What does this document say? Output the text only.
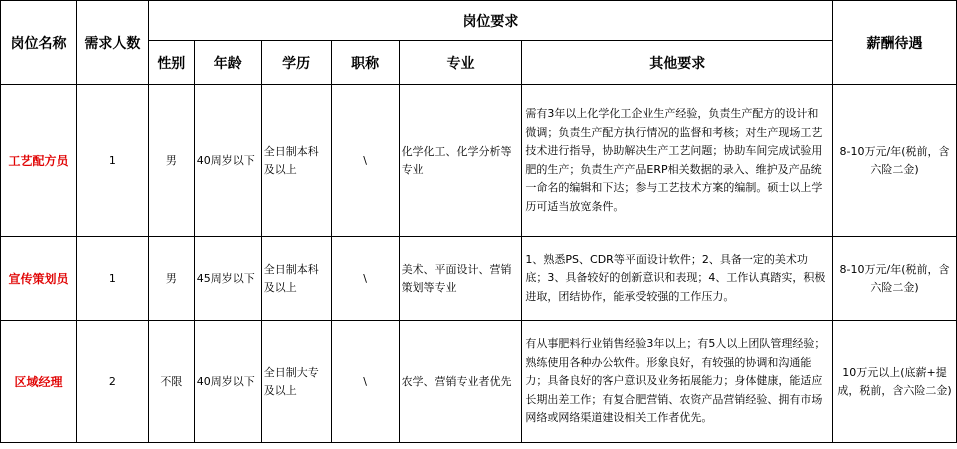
岗位名称	需求人数	岗位要求						薪酬待遇
		性别	年龄	学历	职称	专业	其他要求	
工艺配方员	1	男	40周岁以下	全日制本科及以上	\	化学化工、化学分析等专业	需有3年以上化学化工企业生产经验，负责生产配方的设计和微调；负责生产配方执行情况的监督和考核；对生产现场工艺技术进行指导，协助解决生产工艺问题；协助车间完成试验用肥的生产；负责生产产品ERP相关数据的录入、维护及产品统一命名的编辑和下达；参与工艺技术方案的编制。硕士以上学历可适当放宽条件。	8-10万元/年(税前，含六险二金)
宣传策划员	1	男	45周岁以下	全日制本科及以上	\	美术、平面设计、营销策划等专业	1、熟悉PS、CDR等平面设计软件；2、具备一定的美术功底；3、具备较好的创新意识和表现；4、工作认真踏实，积极进取，团结协作，能承受较强的工作压力。	8-10万元/年(税前，含六险二金)
区域经理	2	不限	40周岁以下	全日制大专及以上	\	农学、营销专业者优先	有从事肥料行业销售经验3年以上；有5人以上团队管理经验；熟练使用各种办公软件。形象良好，有较强的协调和沟通能力；具备良好的客户意识及业务拓展能力；身体健康，能适应长期出差工作；有复合肥营销、农资产品营销经验、拥有市场网络或网络渠道建设相关工作者优先。	10万元以上(底薪+提成，税前，含六险二金)
